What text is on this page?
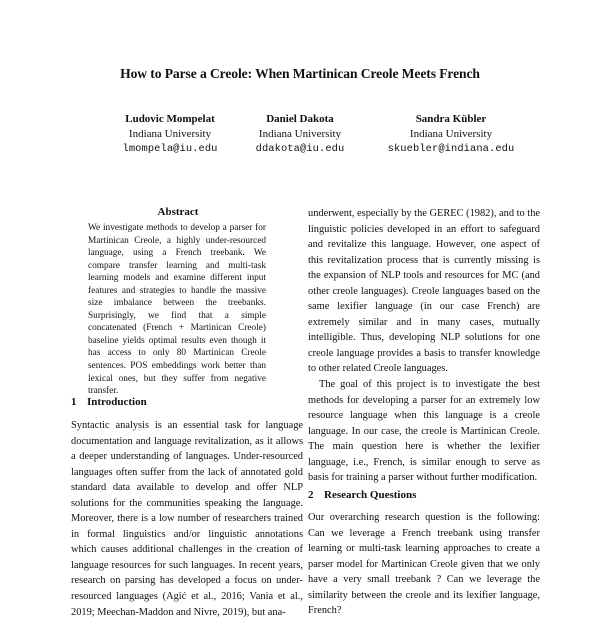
How to Parse a Creole: When Martinican Creole Meets French
Ludovic Mompelat
Indiana University
lmompela@iu.edu
Daniel Dakota
Indiana University
ddakota@iu.edu
Sandra Kübler
Indiana University
skuebler@indiana.edu
Abstract
We investigate methods to develop a parser for Martinican Creole, a highly under-resourced language, using a French treebank. We compare transfer learning and multi-task learning models and examine different input features and strategies to handle the massive size imbalance between the treebanks. Surprisingly, we find that a simple concatenated (French + Martinican Creole) baseline yields optimal results even though it has access to only 80 Martinican Creole sentences. POS embeddings work better than lexical ones, but they suffer from negative transfer.
1 Introduction

Syntactic analysis is an essential task for language documentation and language revitalization, as it allows a deeper understanding of languages. Under-resourced languages often suffer from the lack of annotated gold standard data available to develop and offer NLP solutions for the communities speaking the language. Moreover, there is a low number of researchers trained in formal linguistics and/or linguistic annotations which causes additional challenges in the creation of language resources for such languages. In recent years, research on parsing has developed a focus on under-resourced languages (Agić et al., 2016; Vania et al., 2019; Meechan-Maddon and Nivre, 2019), but ana-

underwent, especially by the GEREC (1982), and to the linguistic policies developed in an effort to safeguard and revitalize this language. However, one aspect of this revitalization process that is currently missing is the expansion of NLP tools and resources for MC (and other creole languages). Creole languages based on the same lexifier language (in our case French) are extremely similar and in many cases, mutually intelligible. Thus, developing NLP solutions for one creole language provides a basis to transfer knowledge to other related Creole languages.

The goal of this project is to investigate the best methods for developing a parser for an extremely low resource language when this language is a creole language. In our case, the creole is Martinican Creole. The main question here is whether the lexifier language, i.e., French, is similar enough to serve as basis for training a parser without further modification.

2 Research Questions

Our overarching research question is the following: Can we leverage a French treebank using transfer learning or multi-task learning approaches to create a parser model for Martinican Creole given that we only have a very small treebank ? Can we leverage the similarity between the creole and its lexifier language, French?
